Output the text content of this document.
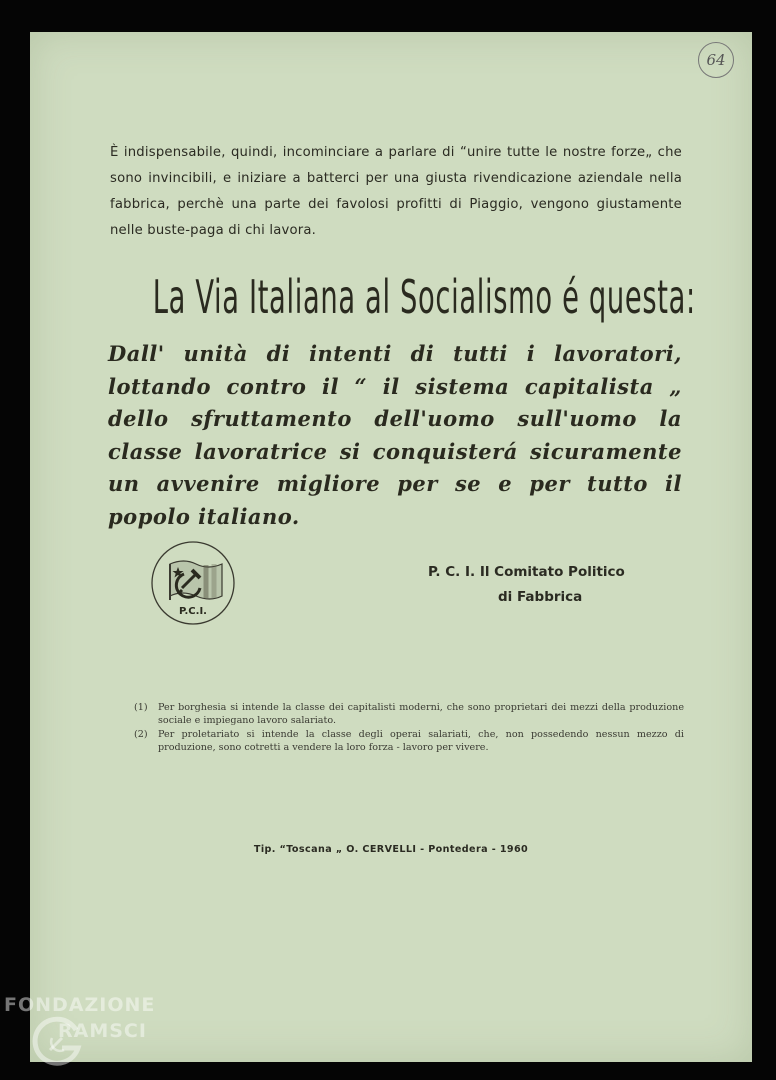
64
È indispensabile, quindi, incominciare a parlare di “unire tutte le nostre forze„ che sono invincibili, e iniziare a batterci per una giusta rivendicazione aziendale nella fabbrica, perchè una parte dei favolosi profitti di Piaggio, vengono giustamente nelle buste-paga di chi lavora.
La Via Italiana al Socialismo é questa:
Dall' unità di intenti di tutti i lavoratori, lottando contro il “ il sistema capitalista „ dello sfruttamento dell'uomo sull'uomo la classe lavoratrice si conquisterá sicuramente un avvenire migliore per se e per tutto il popolo italiano.
P.C.I.
P. C. I. Il Comitato Politico
di Fabbrica
(1)	Per borghesia si intende la classe dei capitalisti moderni, che sono proprietari dei mezzi della produzione sociale e impiegano lavoro salariato.
(2)	Per proletariato si intende la classe degli operai salariati, che, non possedendo nessun mezzo di produzione, sono cotretti a vendere la loro forza - lavoro per vivere.
Tip. “Toscana „ O. CERVELLI - Pontedera - 1960
FONDAZIONE
RAMSCI
